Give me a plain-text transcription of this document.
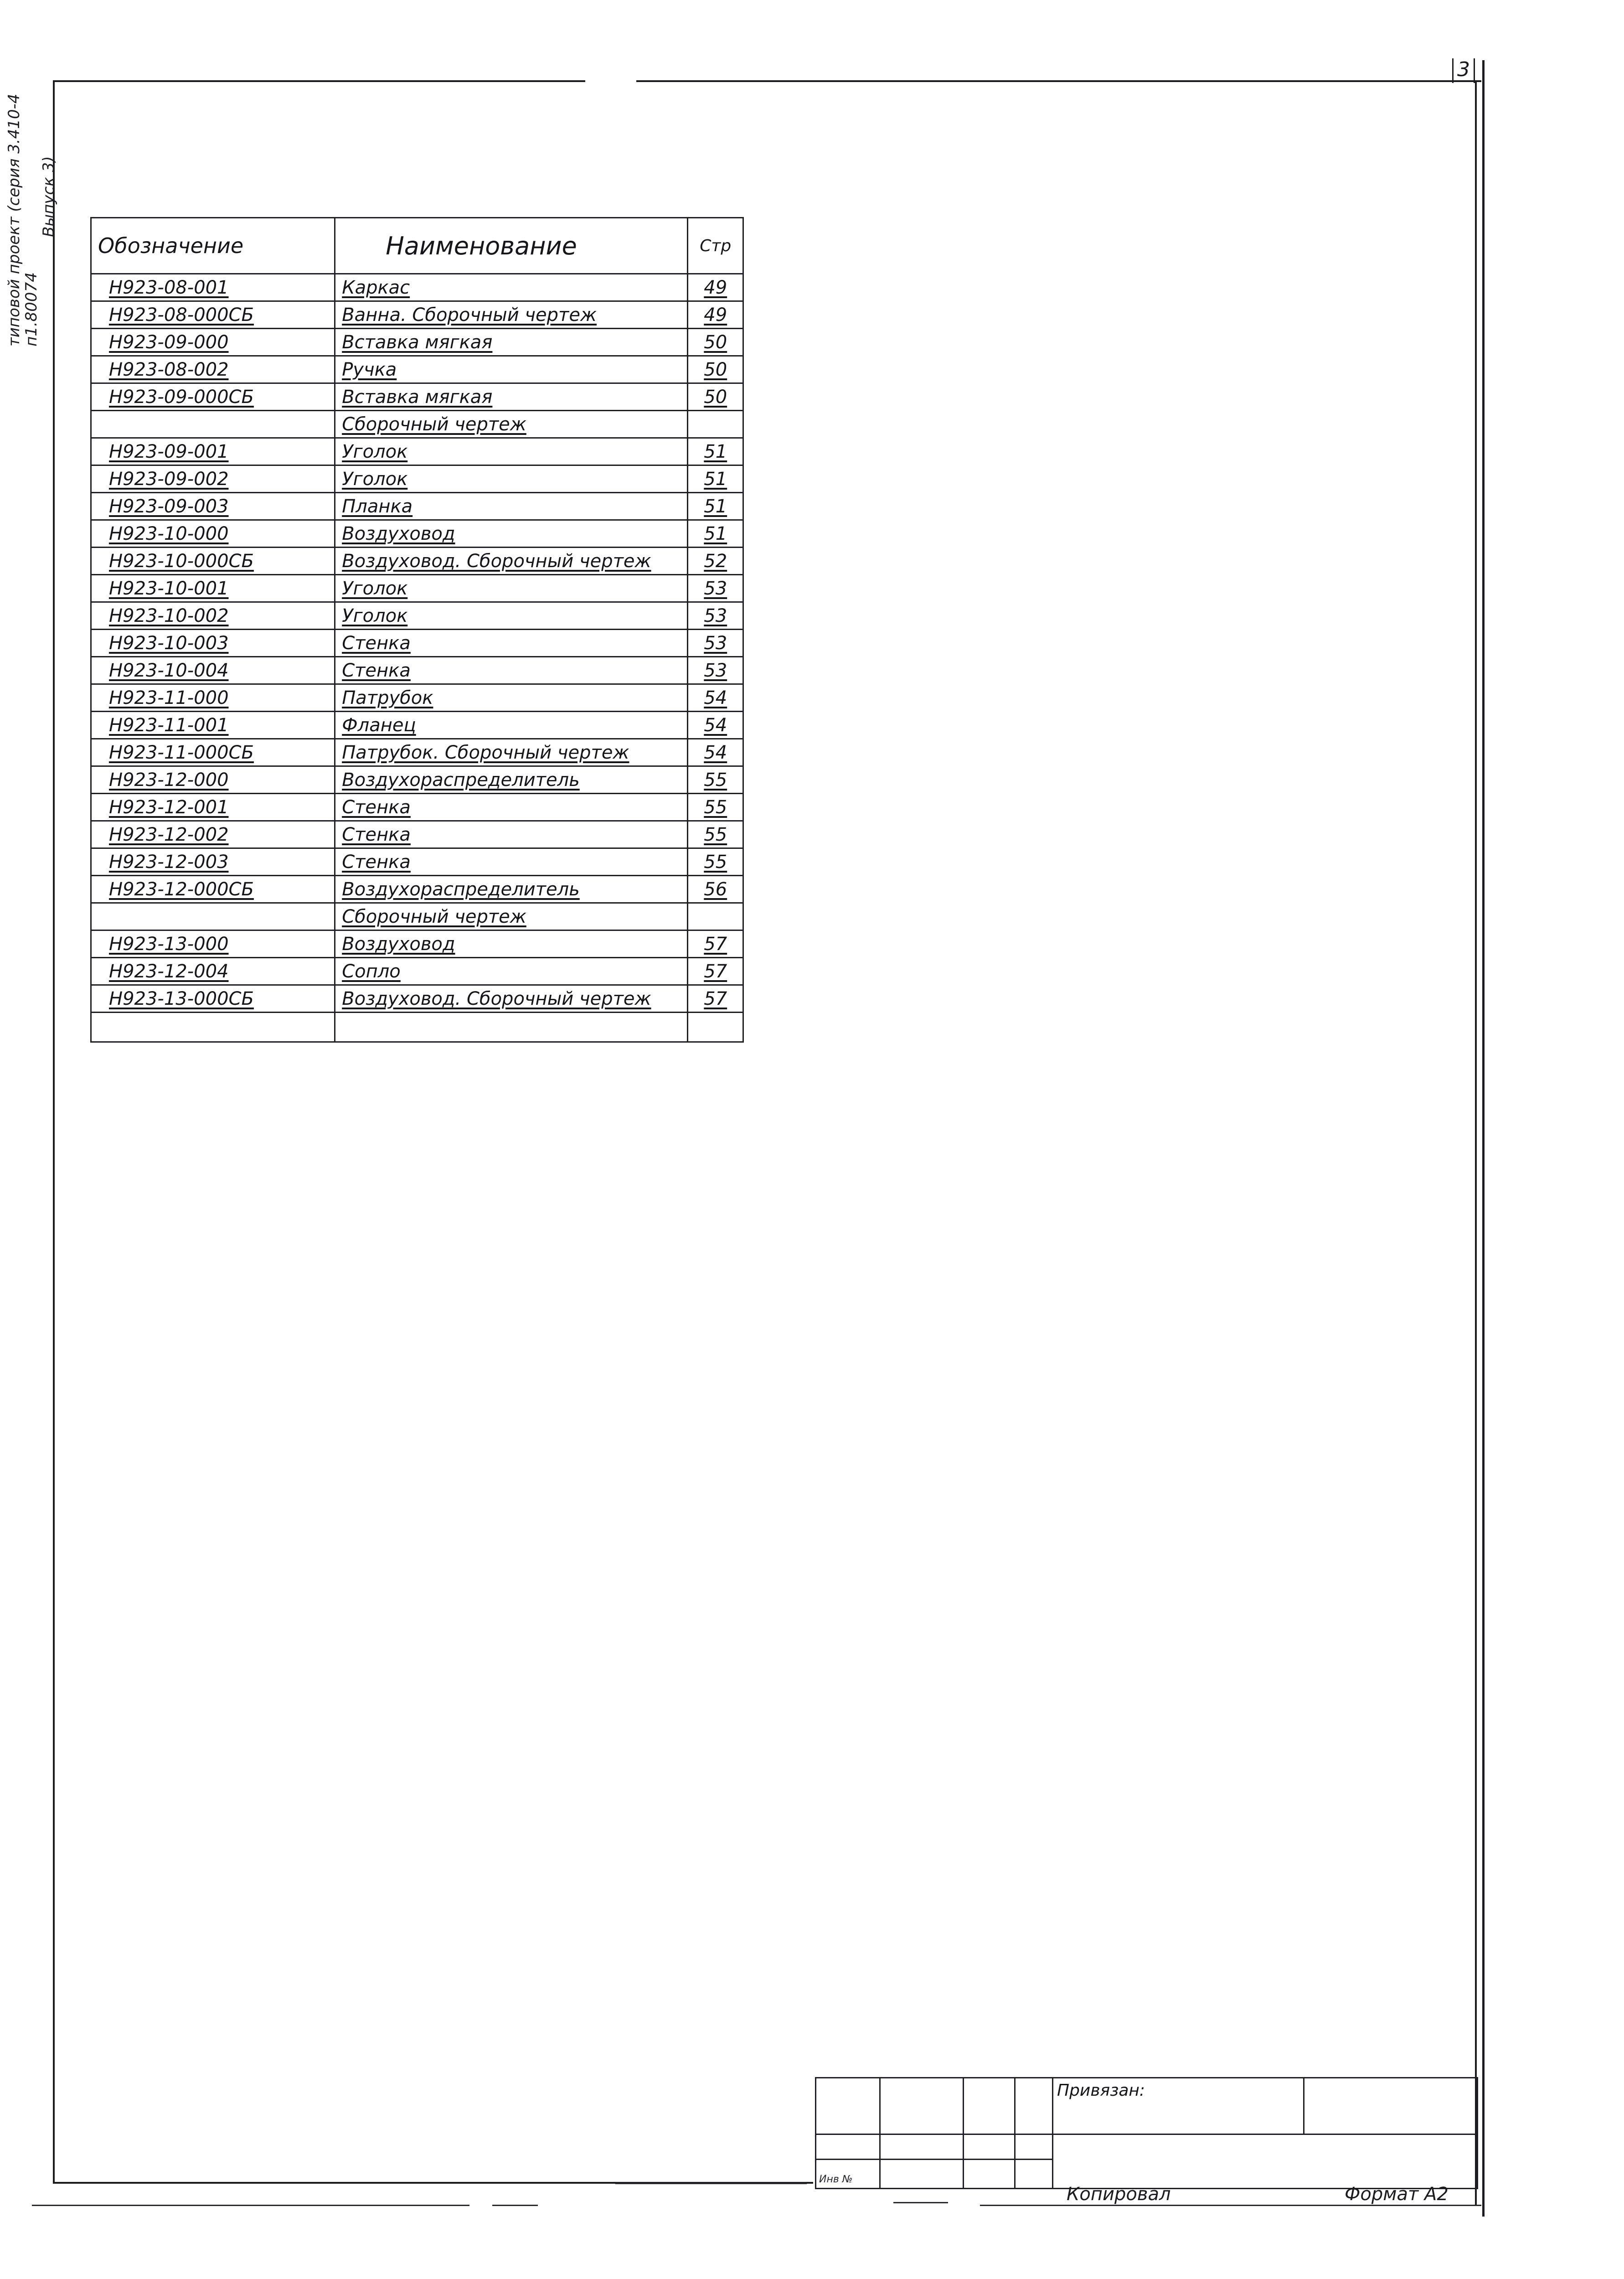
типовой проект (серия 3.410-4 п1.80074
Выпуск 3)
3
Обозначение	Наименование	Стр
Н923-08-001	Каркас	49
Н923-08-000СБ	Ванна. Сборочный чертеж	49
Н923-09-000	Вставка мягкая	50
Н923-08-002	Ручка	50
Н923-09-000СБ	Вставка мягкая	50
	Сборочный чертеж	
Н923-09-001	Уголок	51
Н923-09-002	Уголок	51
Н923-09-003	Планка	51
Н923-10-000	Воздуховод	51
Н923-10-000СБ	Воздуховод. Сборочный чертеж	52
Н923-10-001	Уголок	53
Н923-10-002	Уголок	53
Н923-10-003	Стенка	53
Н923-10-004	Стенка	53
Н923-11-000	Патрубок	54
Н923-11-001	Фланец	54
Н923-11-000СБ	Патрубок. Сборочный чертеж	54
Н923-12-000	Воздухораспределитель	55
Н923-12-001	Стенка	55
Н923-12-002	Стенка	55
Н923-12-003	Стенка	55
Н923-12-000СБ	Воздухораспределитель	56
	Сборочный чертеж	
Н923-13-000	Воздуховод	57
Н923-12-004	Сопло	57
Н923-13-000СБ	Воздуховод. Сборочный чертеж	57

				Привязан:	

Инв №					

Копировал	Формат А2
